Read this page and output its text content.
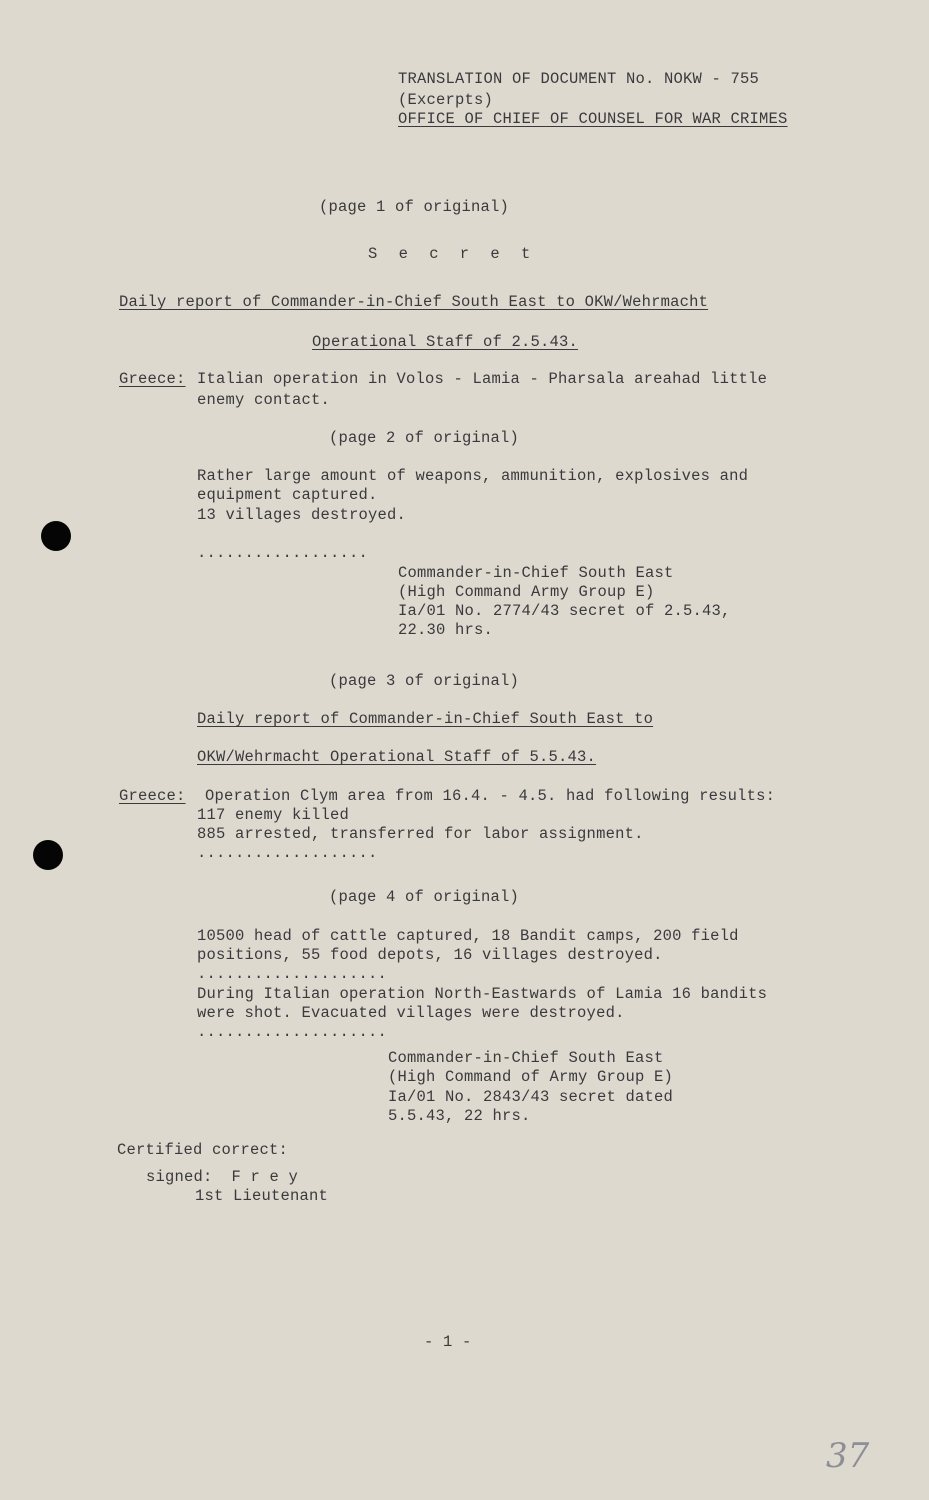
TRANSLATION OF DOCUMENT No. NOKW - 755
(Excerpts)
OFFICE OF CHIEF OF COUNSEL FOR WAR CRIMES
(page 1 of original)
S e c r e t
Daily report of Commander-in-Chief South East to OKW/Wehrmacht
Operational Staff of 2.5.43.
Greece: Italian operation in Volos - Lamia - Pharsala areahad little
enemy contact.
(page 2 of original)
Rather large amount of weapons, ammunition, explosives and
equipment captured.
13 villages destroyed.
..................
Commander-in-Chief South East
(High Command Army Group E)
Ia/01 No. 2774/43 secret of 2.5.43,
22.30 hrs.
(page 3 of original)
Daily report of Commander-in-Chief South East to
OKW/Wehrmacht Operational Staff of 5.5.43.
Greece: Operation Clym area from 16.4. - 4.5. had following results:
117 enemy killed
885 arrested, transferred for labor assignment.
...................
(page 4 of original)
10500 head of cattle captured, 18 Bandit camps, 200 field
positions, 55 food depots, 16 villages destroyed.
....................
During Italian operation North-Eastwards of Lamia 16 bandits
were shot. Evacuated villages were destroyed.
....................
Commander-in-Chief South East
(High Command of Army Group E)
Ia/01 No. 2843/43 secret dated
5.5.43, 22 hrs.
Certified correct:
signed:  F r e y
1st Lieutenant
- 1 -
37
